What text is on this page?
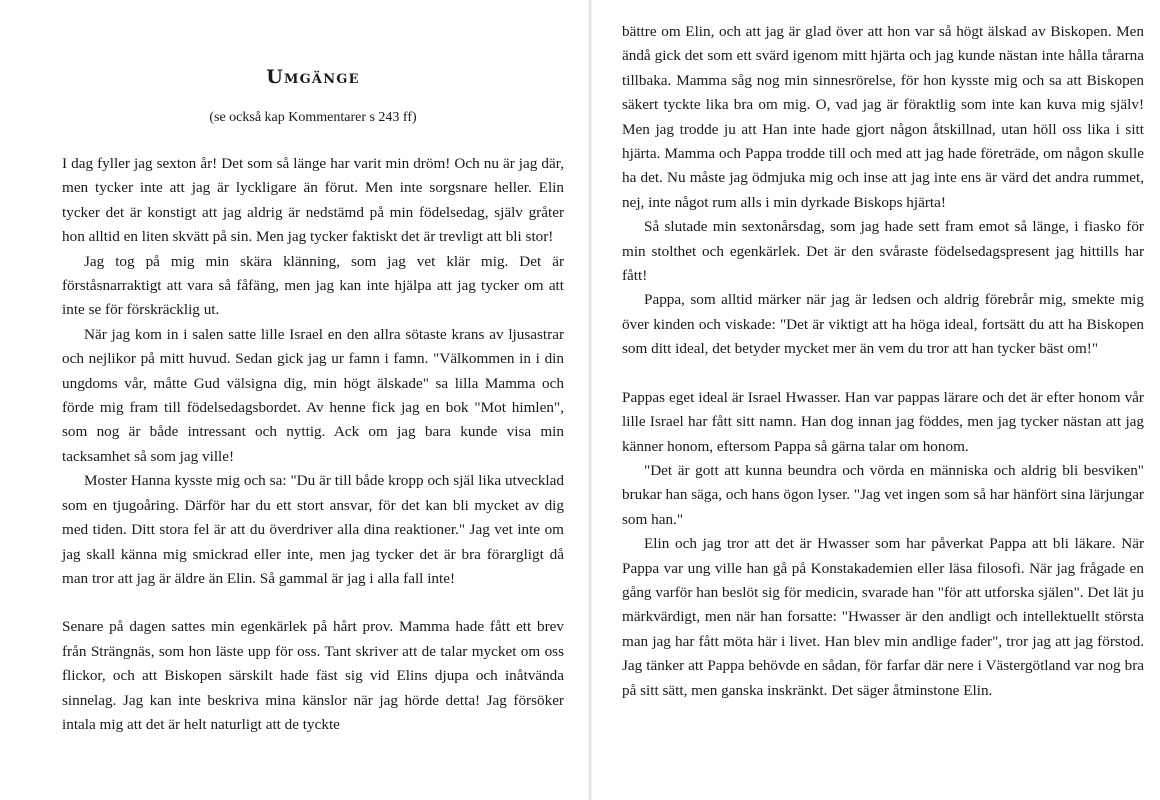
Umgänge
(se också kap Kommentarer s 243 ff)

I dag fyller jag sexton år! Det som så länge har varit min dröm! Och nu är jag där, men tycker inte att jag är lyckligare än förut. Men inte sorgsnare heller. Elin tycker det är konstigt att jag aldrig är nedstämd på min födelsedag, själv gråter hon alltid en liten skvätt på sin. Men jag tycker faktiskt det är trevligt att bli stor!

Jag tog på mig min skära klänning, som jag vet klär mig. Det är förståsnarraktigt att vara så fåfäng, men jag kan inte hjälpa att jag tycker om att inte se för förskräcklig ut.

När jag kom in i salen satte lille Israel en den allra sötaste krans av ljusastrar och nejlikor på mitt huvud. Sedan gick jag ur famn i famn. "Välkommen in i din ungdoms vår, måtte Gud välsigna dig, min högt älskade" sa lilla Mamma och förde mig fram till födelsedagsbordet. Av henne fick jag en bok "Mot himlen", som nog är både intressant och nyttig. Ack om jag bara kunde visa min tacksamhet så som jag ville!

Moster Hanna kysste mig och sa: "Du är till både kropp och själ lika utvecklad som en tjugoåring. Därför har du ett stort ansvar, för det kan bli mycket av dig med tiden. Ditt stora fel är att du överdriver alla dina reaktioner." Jag vet inte om jag skall känna mig smickrad eller inte, men jag tycker det är bra förargligt då man tror att jag är äldre än Elin. Så gammal är jag i alla fall inte!

Senare på dagen sattes min egenkärlek på hårt prov. Mamma hade fått ett brev från Strängnäs, som hon läste upp för oss. Tant skriver att de talar mycket om oss flickor, och att Biskopen särskilt hade fäst sig vid Elins djupa och inåtvända sinnelag. Jag kan inte beskriva mina känslor när jag hörde detta! Jag försöker intala mig att det är helt naturligt att de tyckte

bättre om Elin, och att jag är glad över att hon var så högt älskad av Biskopen. Men ändå gick det som ett svärd igenom mitt hjärta och jag kunde nästan inte hålla tårarna tillbaka. Mamma såg nog min sinnesrörelse, för hon kysste mig och sa att Biskopen säkert tyckte lika bra om mig. O, vad jag är föraktlig som inte kan kuva mig själv! Men jag trodde ju att Han inte hade gjort någon åtskillnad, utan höll oss lika i sitt hjärta. Mamma och Pappa trodde till och med att jag hade företräde, om någon skulle ha det. Nu måste jag ödmjuka mig och inse att jag inte ens är värd det andra rummet, nej, inte något rum alls i min dyrkade Biskops hjärta!

Så slutade min sextonårsdag, som jag hade sett fram emot så länge, i fiasko för min stolthet och egenkärlek. Det är den svåraste födelsedagspresent jag hittills har fått!

Pappa, som alltid märker när jag är ledsen och aldrig förebrår mig, smekte mig över kinden och viskade: "Det är viktigt att ha höga ideal, fortsätt du att ha Biskopen som ditt ideal, det betyder mycket mer än vem du tror att han tycker bäst om!"

Pappas eget ideal är Israel Hwasser. Han var pappas lärare och det är efter honom vår lille Israel har fått sitt namn. Han dog innan jag föddes, men jag tycker nästan att jag känner honom, eftersom Pappa så gärna talar om honom.

"Det är gott att kunna beundra och vörda en människa och aldrig bli besviken" brukar han säga, och hans ögon lyser. "Jag vet ingen som så har hänfört sina lärjungar som han."

Elin och jag tror att det är Hwasser som har påverkat Pappa att bli läkare. När Pappa var ung ville han gå på Konstakademien eller läsa filosofi. När jag frågade en gång varför han beslöt sig för medicin, svarade han "för att utforska själen". Det lät ju märkvärdigt, men när han forsatte: "Hwasser är den andligt och intellektuellt största man jag har fått möta här i livet. Han blev min andlige fader", tror jag att jag förstod. Jag tänker att Pappa behövde en sådan, för farfar där nere i Västergötland var nog bra på sitt sätt, men ganska inskränkt. Det säger åtminstone Elin.
